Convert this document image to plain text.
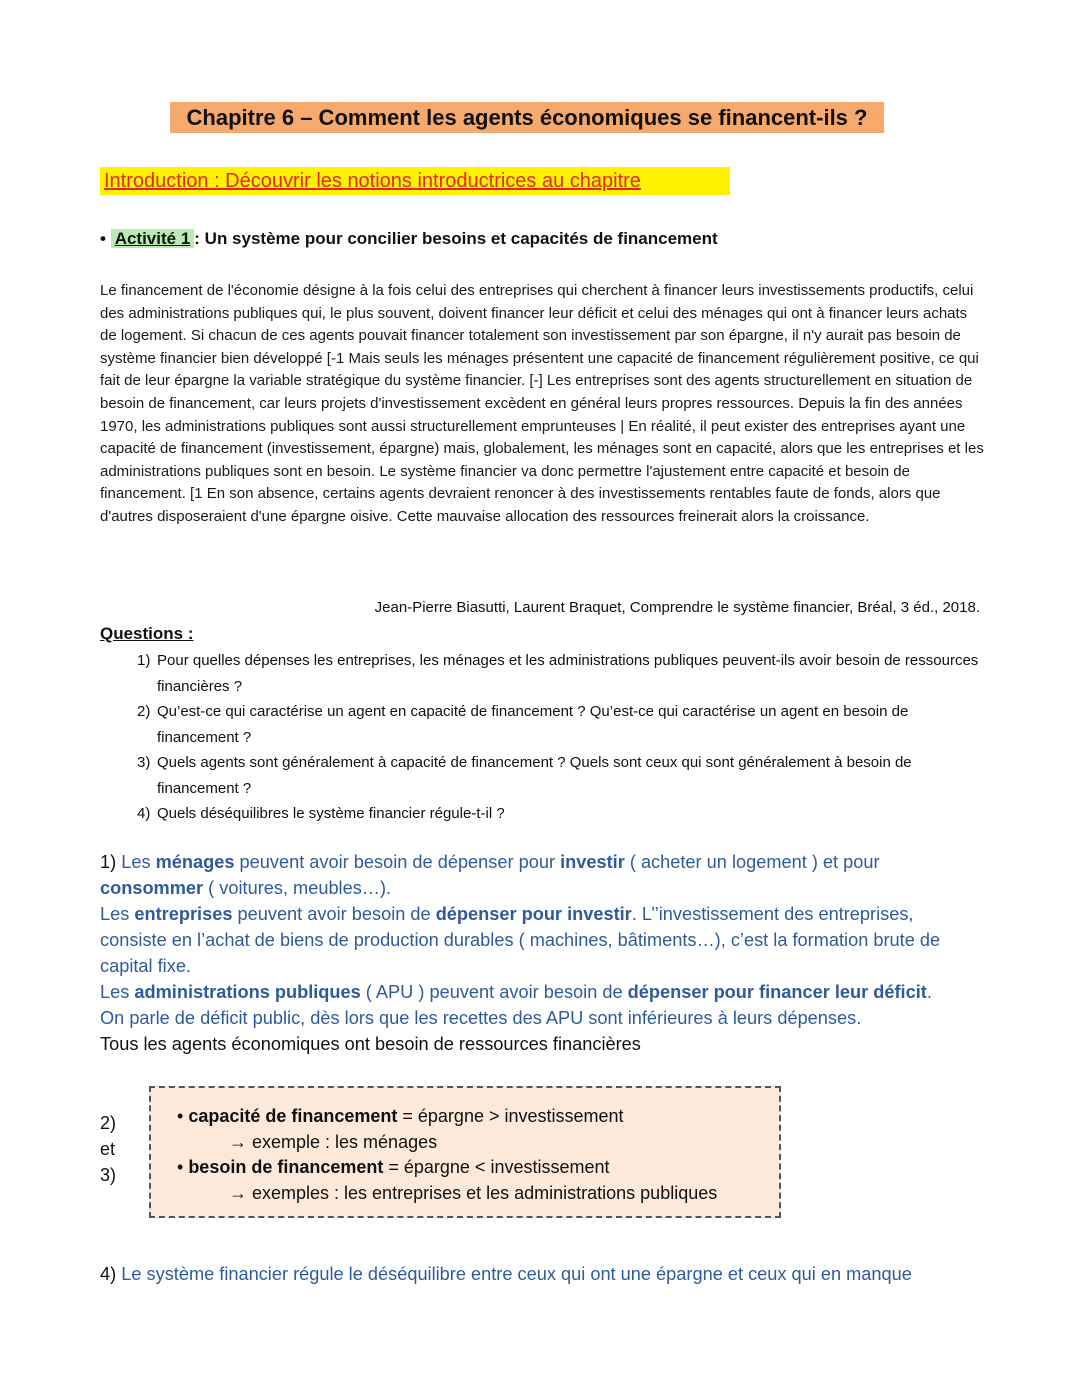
Chapitre 6 – Comment les agents économiques se financent-ils ?
Introduction : Découvrir les notions introductrices au chapitre
• Activité 1 : Un système pour concilier besoins et capacités de financement

Le financement de l'économie désigne à la fois celui des entreprises qui cherchent à financer leurs investissements productifs, celui des administrations publiques qui, le plus souvent, doivent financer leur déficit et celui des ménages qui ont à financer leurs achats de logement. Si chacun de ces agents pouvait financer totalement son investissement par son épargne, il n'y aurait pas besoin de système financier bien développé [-1 Mais seuls les ménages présentent une capacité de financement régulièrement positive, ce qui fait de leur épargne la variable stratégique du système financier. [-] Les entreprises sont des agents structurellement en situation de besoin de financement, car leurs projets d'investissement excèdent en général leurs propres ressources. Depuis la fin des années 1970, les administrations publiques sont aussi structurellement emprunteuses | En réalité, il peut exister des entreprises ayant une capacité de financement (investissement, épargne) mais, globalement, les ménages sont en capacité, alors que les entreprises et les administrations publiques sont en besoin. Le système financier va donc permettre l'ajustement entre capacité et besoin de financement. [1 En son absence, certains agents devraient renoncer à des investissements rentables faute de fonds, alors que d'autres disposeraient d'une épargne oisive. Cette mauvaise allocation des ressources freinerait alors la croissance.

Jean-Pierre Biasutti, Laurent Braquet, Comprendre le système financier, Bréal, 3 éd., 2018.
Questions :
1) Pour quelles dépenses les entreprises, les ménages et les administrations publiques peuvent-ils avoir besoin de ressources financières ?
2) Qu’est-ce qui caractérise un agent en capacité de financement ? Qu’est-ce qui caractérise un agent en besoin de financement ?
3) Quels agents sont généralement à capacité de financement ? Quels sont ceux qui sont généralement à besoin de financement ?
4) Quels déséquilibres le système financier régule-t-il ?

1) Les ménages peuvent avoir besoin de dépenser pour investir ( acheter un logement ) et pour consommer ( voitures, meubles…).

Les entreprises peuvent avoir besoin de dépenser pour investir. L’’investissement des entreprises, consiste en l’achat de biens de production durables ( machines, bâtiments…), c’est la formation brute de capital fixe.

Les administrations publiques ( APU ) peuvent avoir besoin de dépenser pour financer leur déficit.

On parle de déficit public, dès lors que les recettes des APU sont inférieures à leurs dépenses.

Tous les agents économiques ont besoin de ressources financières

2)
et
3)
• capacité de financement = épargne > investissement
→ exemple : les ménages
• besoin de financement = épargne < investissement
→ exemples : les entreprises et les administrations publiques
4) Le système financier régule le déséquilibre entre ceux qui ont une épargne et ceux qui en manque
